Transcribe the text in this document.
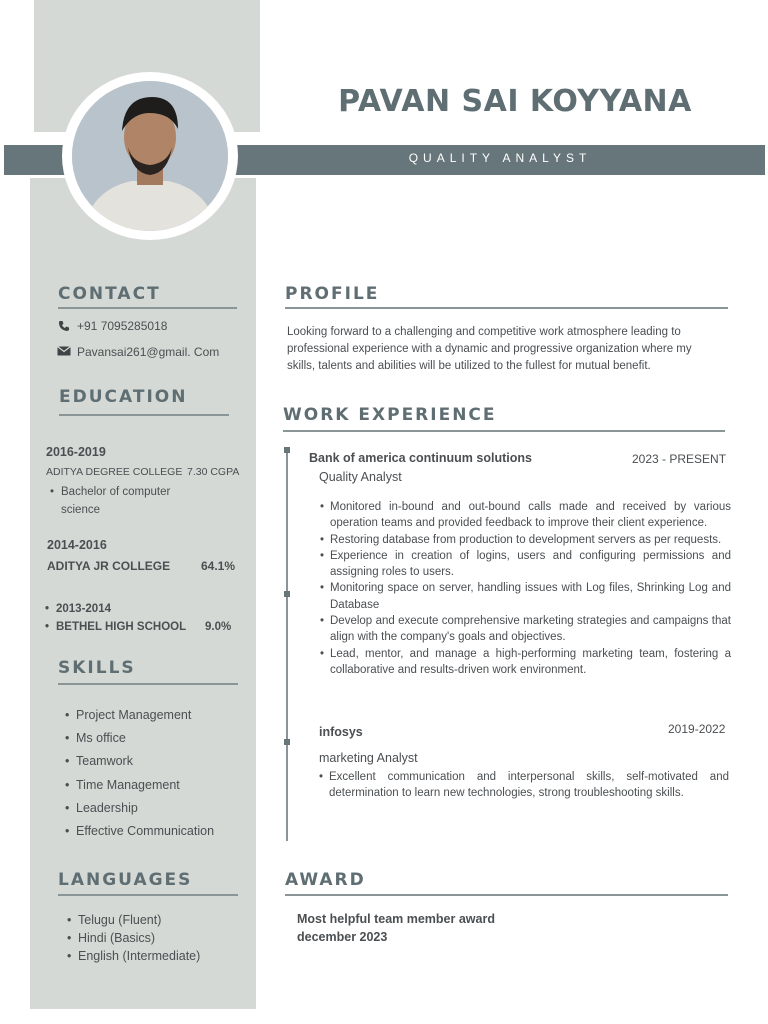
PAVAN SAI KOYYANA
QUALITY ANALYST
CONTACT
+91 7095285018
Pavansai261@gmail. Com
EDUCATION
2016-2019
ADITYA DEGREE COLLEGE 7.30 CGPA
• Bachelor of computer
science
2014-2016
ADITYA JR COLLEGE	64.1%
• 2013-2014
• BETHEL HIGH SCHOOL 9.0%
SKILLS
• Project Management
• Ms office
• Teamwork
• Time Management
• Leadership
• Effective Communication
LANGUAGES
• Telugu (Fluent)
• Hindi (Basics)
• English (Intermediate)
PROFILE
Looking forward to a challenging and competitive work atmosphere leading to
professional experience with a dynamic and progressive organization where my
skills, talents and abilities will be utilized to the fullest for mutual benefit.
WORK EXPERIENCE
Bank of america continuum solutions	2023 - PRESENT
Quality Analyst
• Monitored in-bound and out-bound calls made and received by various operation teams and provided feedback to improve their client experience.
• Restoring database from production to development servers as per requests.
• Experience in creation of logins, users and configuring permissions and assigning roles to users.
• Monitoring space on server, handling issues with Log files, Shrinking Log and Database
• Develop and execute comprehensive marketing strategies and campaigns that align with the company's goals and objectives.
• Lead, mentor, and manage a high-performing marketing team, fostering a collaborative and results-driven work environment.
infosys	2019-2022
marketing Analyst
• Excellent communication and interpersonal skills, self-motivated and determination to learn new technologies, strong troubleshooting skills.
AWARD
Most helpful team member award
december 2023
